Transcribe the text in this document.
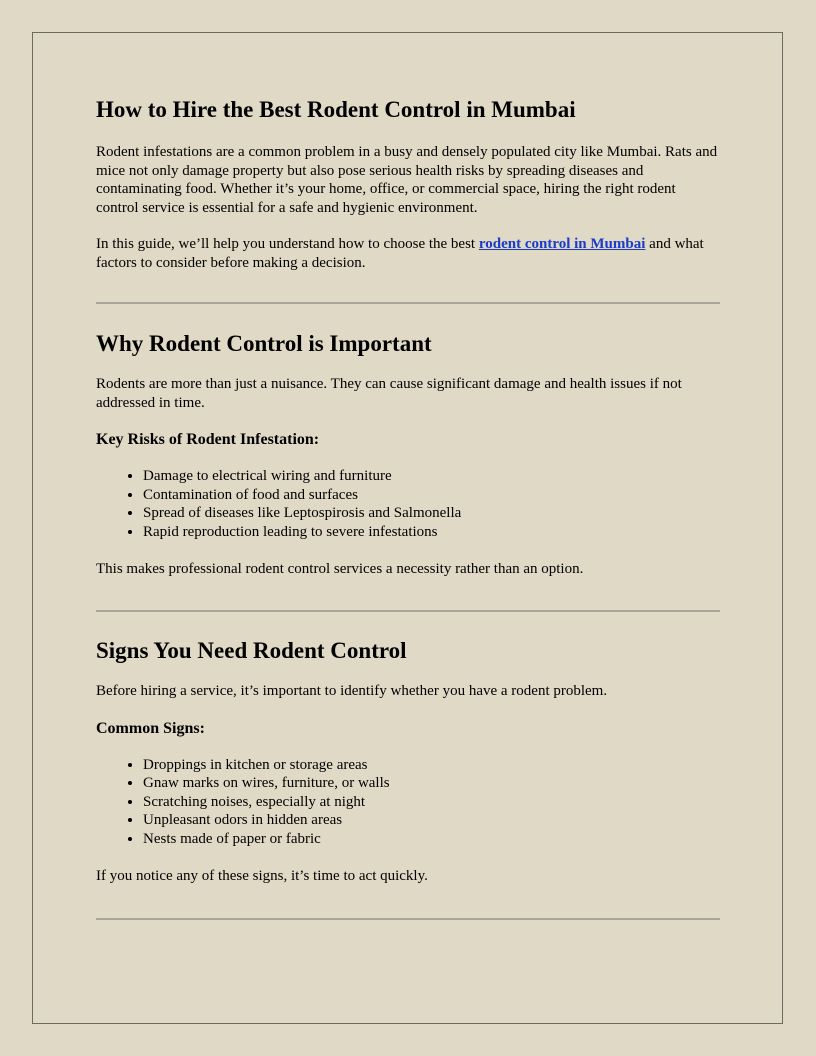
How to Hire the Best Rodent Control in Mumbai

Rodent infestations are a common problem in a busy and densely populated city like Mumbai. Rats and mice not only damage property but also pose serious health risks by spreading diseases and contaminating food. Whether it’s your home, office, or commercial space, hiring the right rodent control service is essential for a safe and hygienic environment.

In this guide, we’ll help you understand how to choose the best rodent control in Mumbai and what factors to consider before making a decision.

Why Rodent Control is Important

Rodents are more than just a nuisance. They can cause significant damage and health issues if not addressed in time.

Key Risks of Rodent Infestation:
• Damage to electrical wiring and furniture
• Contamination of food and surfaces
• Spread of diseases like Leptospirosis and Salmonella
• Rapid reproduction leading to severe infestations

This makes professional rodent control services a necessity rather than an option.

Signs You Need Rodent Control

Before hiring a service, it’s important to identify whether you have a rodent problem.

Common Signs:
• Droppings in kitchen or storage areas
• Gnaw marks on wires, furniture, or walls
• Scratching noises, especially at night
• Unpleasant odors in hidden areas
• Nests made of paper or fabric

If you notice any of these signs, it’s time to act quickly.
